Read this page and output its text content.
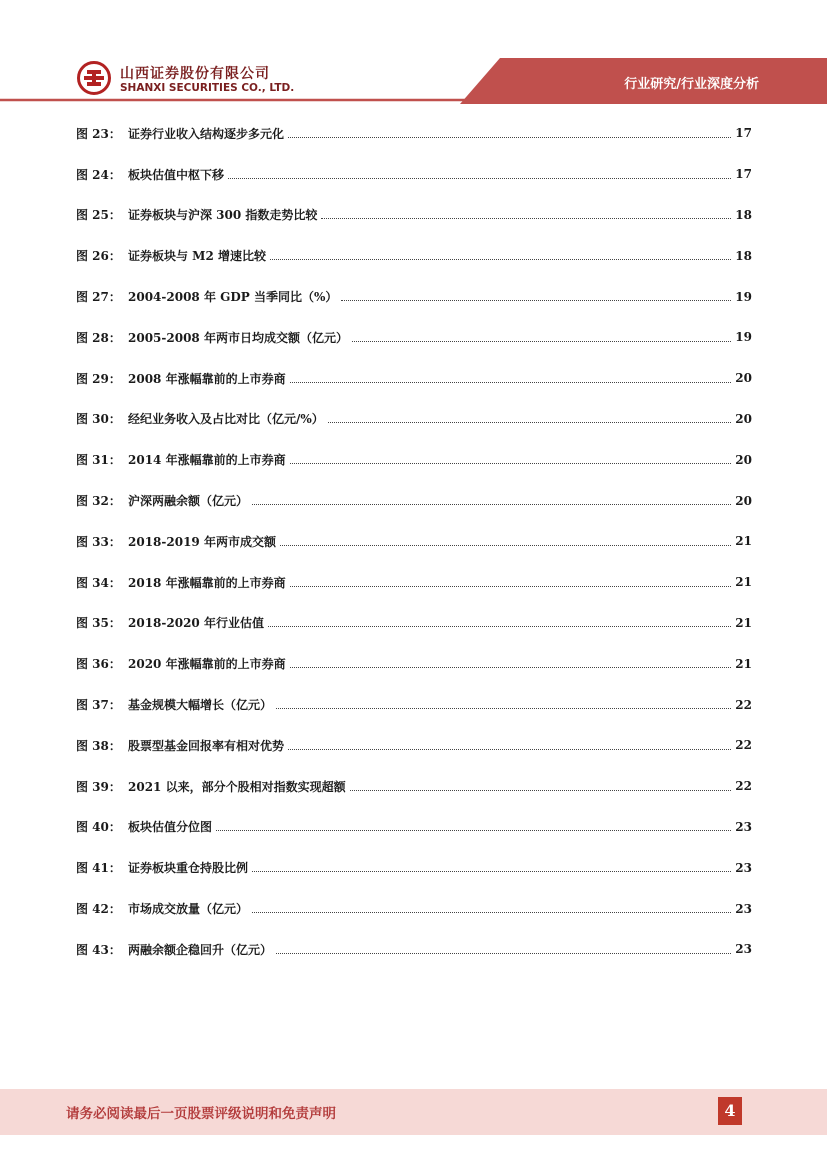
山西证券股份有限公司
SHANXI SECURITIES CO., LTD.	行业研究/行业深度分析
图 23： 证券行业收入结构逐步多元化	17
图 24： 板块估值中枢下移	17
图 25： 证券板块与沪深 300 指数走势比较	18
图 26： 证券板块与 M2 增速比较	18
图 27： 2004-2008 年 GDP 当季同比（%）	19
图 28： 2005-2008 年两市日均成交额（亿元）	19
图 29： 2008 年涨幅靠前的上市券商	20
图 30： 经纪业务收入及占比对比（亿元/%）	20
图 31： 2014 年涨幅靠前的上市券商	20
图 32： 沪深两融余额（亿元）	20
图 33： 2018-2019 年两市成交额	21
图 34： 2018 年涨幅靠前的上市券商	21
图 35： 2018-2020 年行业估值	21
图 36： 2020 年涨幅靠前的上市券商	21
图 37： 基金规模大幅增长（亿元）	22
图 38： 股票型基金回报率有相对优势	22
图 39： 2021 以来，部分个股相对指数实现超额	22
图 40： 板块估值分位图	23
图 41： 证券板块重仓持股比例	23
图 42： 市场成交放量（亿元）	23
图 43： 两融余额企稳回升（亿元）	23
请务必阅读最后一页股票评级说明和免责声明	4
